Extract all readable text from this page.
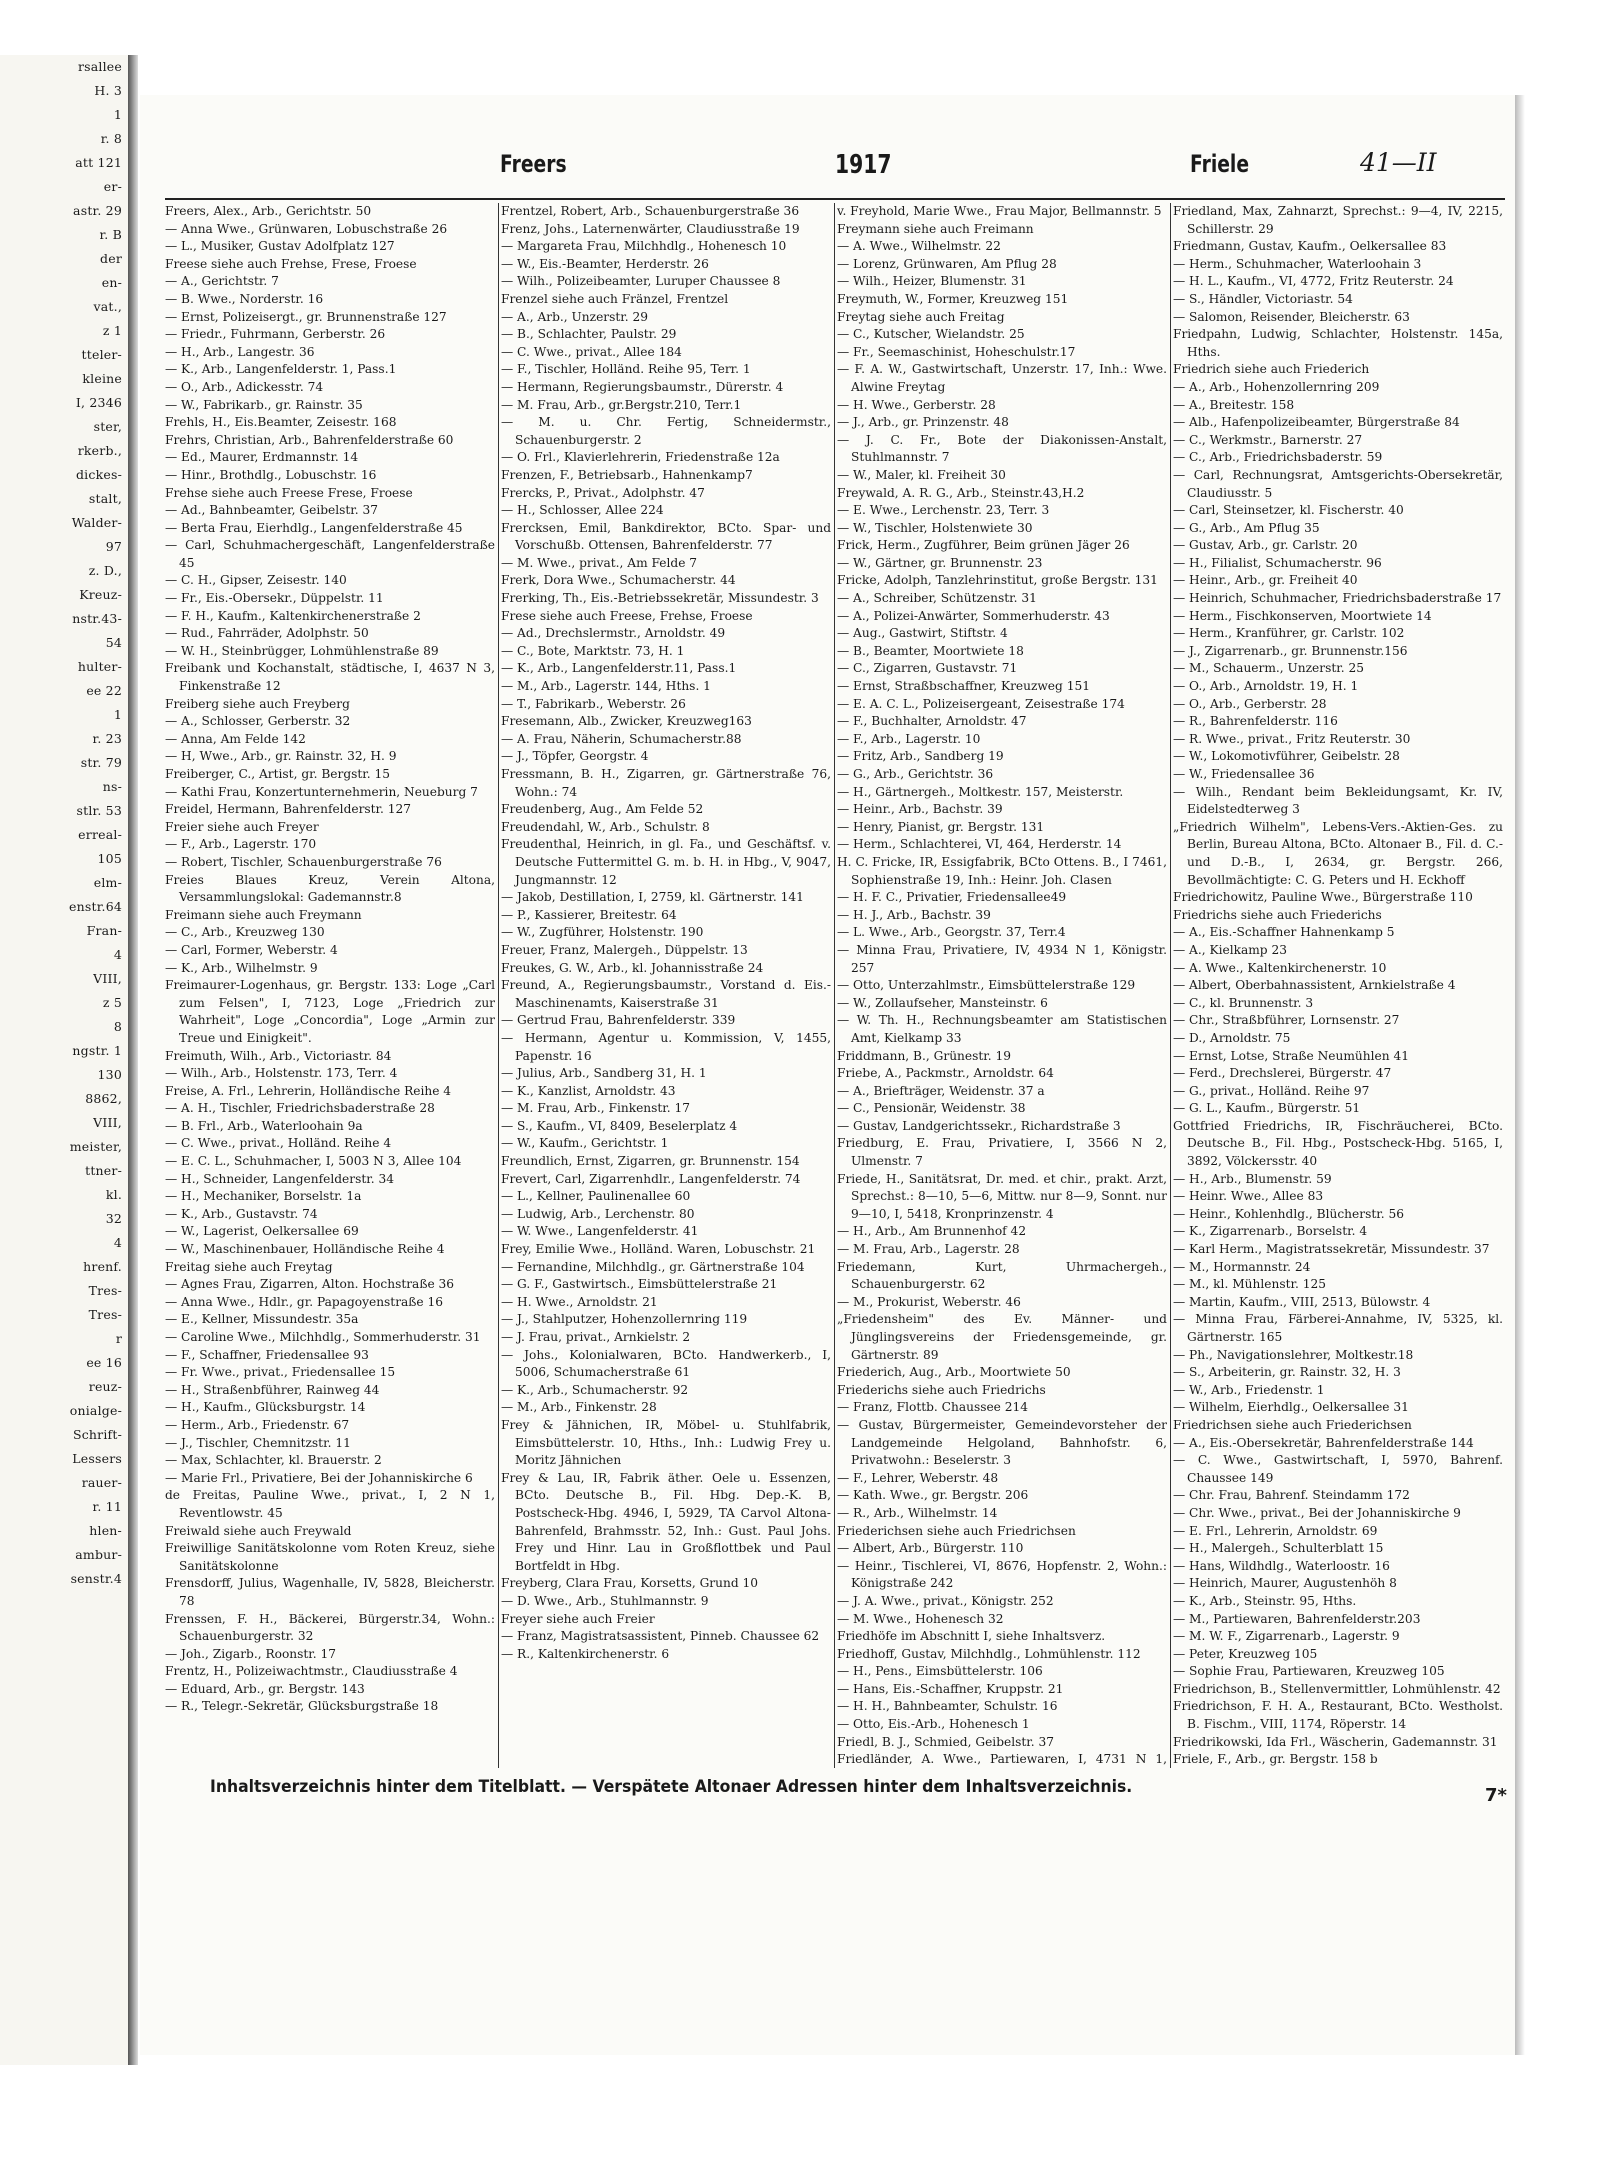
rsallee
H. 3
1
r. 8
att 121
er-
astr. 29
r. B
der
en-
vat.,
z 1
tteler-
kleine
I, 2346
ster,
rkerb.,
dickes-
stalt,
Walder-
97
z. D.,
Kreuz-
nstr.43-
54
hulter-
ee 22
1
r. 23
str. 79
ns-
stlr. 53
erreal-
105
elm-
enstr.64
Fran-
4
VIII,
z 5
8
ngstr. 1
130
8862,
VIII,
meister,
ttner-
kl.
32
4
hrenf.
Tres-
Tres-
r
ee 16
reuz-
onialge-
Schrift-
Lessers
rauer-
r. 11
hlen-
ambur-
senstr.4
Freers	1917	Friele	41—II
Freers, Alex., Arb., Gerichtstr. 50
— Anna Wwe., Grünwaren, Lobuschstraße 26
— L., Musiker, Gustav Adolfplatz 127
Freese siehe auch Frehse, Frese, Froese
— A., Gerichtstr. 7
— B. Wwe., Norderstr. 16
— Ernst, Polizeisergt., gr. Brunnenstraße 127
— Friedr., Fuhrmann, Gerberstr. 26
— H., Arb., Langestr. 36
— K., Arb., Langenfelderstr. 1, Pass.1
— O., Arb., Adickesstr. 74
— W., Fabrikarb., gr. Rainstr. 35
Frehls, H., Eis.Beamter, Zeisestr. 168
Frehrs, Christian, Arb., Bahrenfelderstraße 60
— Ed., Maurer, Erdmannstr. 14
— Hinr., Brothdlg., Lobuschstr. 16
Frehse siehe auch Freese Frese, Froese
— Ad., Bahnbeamter, Geibelstr. 37
— Berta Frau, Eierhdlg., Langenfelderstraße 45
— Carl, Schuhmachergeschäft, Langenfelderstraße 45
— C. H., Gipser, Zeisestr. 140
— Fr., Eis.-Obersekr., Düppelstr. 11
— F. H., Kaufm., Kaltenkirchenerstraße 2
— Rud., Fahrräder, Adolphstr. 50
— W. H., Steinbrügger, Lohmühlenstraße 89
Freibank und Kochanstalt, städtische, I, 4637 N 3, Finkenstraße 12
Freiberg siehe auch Freyberg
— A., Schlosser, Gerberstr. 32
— Anna, Am Felde 142
— H, Wwe., Arb., gr. Rainstr. 32, H. 9
Freiberger, C., Artist, gr. Bergstr. 15
— Kathi Frau, Konzertunternehmerin, Neueburg 7
Freidel, Hermann, Bahrenfelderstr. 127
Freier siehe auch Freyer
— F., Arb., Lagerstr. 170
— Robert, Tischler, Schauenburgerstraße 76
Freies Blaues Kreuz, Verein Altona, Versammlungslokal: Gademannstr.8
Freimann siehe auch Freymann
— C., Arb., Kreuzweg 130
— Carl, Former, Weberstr. 4
— K., Arb., Wilhelmstr. 9
Freimaurer-Logenhaus, gr. Bergstr. 133: Loge „Carl zum Felsen", I, 7123, Loge „Friedrich zur Wahrheit", Loge „Concordia", Loge „Armin zur Treue und Einigkeit".
Freimuth, Wilh., Arb., Victoriastr. 84
— Wilh., Arb., Holstenstr. 173, Terr. 4
Freise, A. Frl., Lehrerin, Holländische Reihe 4
— A. H., Tischler, Friedrichsbaderstraße 28
— B. Frl., Arb., Waterloohain 9a
— C. Wwe., privat., Holländ. Reihe 4
— E. C. L., Schuhmacher, I, 5003 N 3, Allee 104
— H., Schneider, Langenfelderstr. 34
— H., Mechaniker, Borselstr. 1a
— K., Arb., Gustavstr. 74
— W., Lagerist, Oelkersallee 69
— W., Maschinenbauer, Holländische Reihe 4
Freitag siehe auch Freytag
— Agnes Frau, Zigarren, Alton. Hochstraße 36
— Anna Wwe., Hdlr., gr. Papagoyenstraße 16
— E., Kellner, Missundestr. 35a
— Caroline Wwe., Milchhdlg., Sommerhuderstr. 31
— F., Schaffner, Friedensallee 93
— Fr. Wwe., privat., Friedensallee 15
— H., Straßenbführer, Rainweg 44
— H., Kaufm., Glücksburgstr. 14
— Herm., Arb., Friedenstr. 67
— J., Tischler, Chemnitzstr. 11
— Max, Schlachter, kl. Brauerstr. 2
— Marie Frl., Privatiere, Bei der Johanniskirche 6
de Freitas, Pauline Wwe., privat., I, 2 N 1, Reventlowstr. 45
Freiwald siehe auch Freywald
Freiwillige Sanitätskolonne vom Roten Kreuz, siehe Sanitätskolonne
Frensdorff, Julius, Wagenhalle, IV, 5828, Bleicherstr. 78
Frenssen, F. H., Bäckerei, Bürgerstr.34, Wohn.: Schauenburgerstr. 32
— Joh., Zigarb., Roonstr. 17
Frentz, H., Polizeiwachtmstr., Claudiusstraße 4
— Eduard, Arb., gr. Bergstr. 143
— R., Telegr.-Sekretär, Glücksburgstraße 18
Frentzel, Robert, Arb., Schauenburgerstraße 36
Frenz, Johs., Laternenwärter, Claudiusstraße 19
— Margareta Frau, Milchhdlg., Hohenesch 10
— W., Eis.-Beamter, Herderstr. 26
— Wilh., Polizeibeamter, Luruper Chaussee 8
Frenzel siehe auch Fränzel, Frentzel
— A., Arb., Unzerstr. 29
— B., Schlachter, Paulstr. 29
— C. Wwe., privat., Allee 184
— F., Tischler, Holländ. Reihe 95, Terr. 1
— Hermann, Regierungsbaumstr., Dürerstr. 4
— M. Frau, Arb., gr.Bergstr.210, Terr.1
— M. u. Chr. Fertig, Schneidermstr., Schauenburgerstr. 2
— O. Frl., Klavierlehrerin, Friedenstraße 12a
Frenzen, F., Betriebsarb., Hahnenkamp7
Frercks, P., Privat., Adolphstr. 47
— H., Schlosser, Allee 224
Frercksen, Emil, Bankdirektor, BCto. Spar- und Vorschußb. Ottensen, Bahrenfelderstr. 77
— M. Wwe., privat., Am Felde 7
Frerk, Dora Wwe., Schumacherstr. 44
Frerking, Th., Eis.-Betriebssekretär, Missundestr. 3
Frese siehe auch Freese, Frehse, Froese
— Ad., Drechslermstr., Arnoldstr. 49
— C., Bote, Marktstr. 73, H. 1
— K., Arb., Langenfelderstr.11, Pass.1
— M., Arb., Lagerstr. 144, Hths. 1
— T., Fabrikarb., Weberstr. 26
Fresemann, Alb., Zwicker, Kreuzweg163
— A. Frau, Näherin, Schumacherstr.88
— J., Töpfer, Georgstr. 4
Fressmann, B. H., Zigarren, gr. Gärtnerstraße 76, Wohn.: 74
Freudenberg, Aug., Am Felde 52
Freudendahl, W., Arb., Schulstr. 8
Freudenthal, Heinrich, in gl. Fa., und Geschäftsf. v. Deutsche Futtermittel G. m. b. H. in Hbg., V, 9047, Jungmannstr. 12
— Jakob, Destillation, I, 2759, kl. Gärtnerstr. 141
— P., Kassierer, Breitestr. 64
— W., Zugführer, Holstenstr. 190
Freuer, Franz, Malergeh., Düppelstr. 13
Freukes, G. W., Arb., kl. Johannisstraße 24
Freund, A., Regierungsbaumstr., Vorstand d. Eis.-Maschinenamts, Kaiserstraße 31
— Gertrud Frau, Bahrenfelderstr. 339
— Hermann, Agentur u. Kommission, V, 1455, Papenstr. 16
— Julius, Arb., Sandberg 31, H. 1
— K., Kanzlist, Arnoldstr. 43
— M. Frau, Arb., Finkenstr. 17
— S., Kaufm., VI, 8409, Beselerplatz 4
— W., Kaufm., Gerichtstr. 1
Freundlich, Ernst, Zigarren, gr. Brunnenstr. 154
Frevert, Carl, Zigarrenhdlr., Langenfelderstr. 74
— L., Kellner, Paulinenallee 60
— Ludwig, Arb., Lerchenstr. 80
— W. Wwe., Langenfelderstr. 41
Frey, Emilie Wwe., Holländ. Waren, Lobuschstr. 21
— Fernandine, Milchhdlg., gr. Gärtnerstraße 104
— G. F., Gastwirtsch., Eimsbüttelerstraße 21
— H. Wwe., Arnoldstr. 21
— J., Stahlputzer, Hohenzollernring 119
— J. Frau, privat., Arnkielstr. 2
— Johs., Kolonialwaren, BCto. Handwerkerb., I, 5006, Schumacherstraße 61
— K., Arb., Schumacherstr. 92
— M., Arb., Finkenstr. 28
Frey & Jähnichen, IR, Möbel- u. Stuhlfabrik, Eimsbüttelerstr. 10, Hths., Inh.: Ludwig Frey u. Moritz Jähnichen
Frey & Lau, IR, Fabrik äther. Oele u. Essenzen, BCto. Deutsche B., Fil. Hbg. Dep.-K. B, Postscheck-Hbg. 4946, I, 5929, TA Carvol Altona-Bahrenfeld, Brahmsstr. 52, Inh.: Gust. Paul Johs. Frey und Hinr. Lau in Großflottbek und Paul Bortfeldt in Hbg.
Freyberg, Clara Frau, Korsetts, Grund 10
— D. Wwe., Arb., Stuhlmannstr. 9
Freyer siehe auch Freier
— Franz, Magistratsassistent, Pinneb. Chaussee 62
— R., Kaltenkirchenerstr. 6
v. Freyhold, Marie Wwe., Frau Major, Bellmannstr. 5
Freymann siehe auch Freimann
— A. Wwe., Wilhelmstr. 22
— Lorenz, Grünwaren, Am Pflug 28
— Wilh., Heizer, Blumenstr. 31
Freymuth, W., Former, Kreuzweg 151
Freytag siehe auch Freitag
— C., Kutscher, Wielandstr. 25
— Fr., Seemaschinist, Hoheschulstr.17
— F. A. W., Gastwirtschaft, Unzerstr. 17, Inh.: Wwe. Alwine Freytag
— H. Wwe., Gerberstr. 28
— J., Arb., gr. Prinzenstr. 48
— J. C. Fr., Bote der Diakonissen-Anstalt, Stuhlmannstr. 7
— W., Maler, kl. Freiheit 30
Freywald, A. R. G., Arb., Steinstr.43,H.2
— E. Wwe., Lerchenstr. 23, Terr. 3
— W., Tischler, Holstenwiete 30
Frick, Herm., Zugführer, Beim grünen Jäger 26
— W., Gärtner, gr. Brunnenstr. 23
Fricke, Adolph, Tanzlehrinstitut, große Bergstr. 131
— A., Schreiber, Schützenstr. 31
— A., Polizei-Anwärter, Sommerhuderstr. 43
— Aug., Gastwirt, Stiftstr. 4
— B., Beamter, Moortwiete 18
— C., Zigarren, Gustavstr. 71
— Ernst, Straßbschaffner, Kreuzweg 151
— E. A. C. L., Polizeisergeant, Zeisestraße 174
— F., Buchhalter, Arnoldstr. 47
— F., Arb., Lagerstr. 10
— Fritz, Arb., Sandberg 19
— G., Arb., Gerichtstr. 36
— H., Gärtnergeh., Moltkestr. 157, Meisterstr.
— Heinr., Arb., Bachstr. 39
— Henry, Pianist, gr. Bergstr. 131
— Herm., Schlachterei, VI, 464, Herderstr. 14
H. C. Fricke, IR, Essigfabrik, BCto Ottens. B., I 7461, Sophienstraße 19, Inh.: Heinr. Joh. Clasen
— H. F. C., Privatier, Friedensallee49
— H. J., Arb., Bachstr. 39
— L. Wwe., Arb., Georgstr. 37, Terr.4
— Minna Frau, Privatiere, IV, 4934 N 1, Königstr. 257
— Otto, Unterzahlmstr., Eimsbüttelerstraße 129
— W., Zollaufseher, Mansteinstr. 6
— W. Th. H., Rechnungsbeamter am Statistischen Amt, Kielkamp 33
Friddmann, B., Grünestr. 19
Friebe, A., Packmstr., Arnoldstr. 64
— A., Briefträger, Weidenstr. 37 a
— C., Pensionär, Weidenstr. 38
— Gustav, Landgerichtssekr., Richardstraße 3
Friedburg, E. Frau, Privatiere, I, 3566 N 2, Ulmenstr. 7
Friede, H., Sanitätsrat, Dr. med. et chir., prakt. Arzt, Sprechst.: 8—10, 5—6, Mittw. nur 8—9, Sonnt. nur 9—10, I, 5418, Kronprinzenstr. 4
— H., Arb., Am Brunnenhof 42
— M. Frau, Arb., Lagerstr. 28
Friedemann, Kurt, Uhrmachergeh., Schauenburgerstr. 62
— M., Prokurist, Weberstr. 46
„Friedensheim" des Ev. Männer- und Jünglingsvereins der Friedensgemeinde, gr. Gärtnerstr. 89
Friederich, Aug., Arb., Moortwiete 50
Friederichs siehe auch Friedrichs
— Franz, Flottb. Chaussee 214
— Gustav, Bürgermeister, Gemeindevorsteher der Landgemeinde Helgoland, Bahnhofstr. 6, Privatwohn.: Beselerstr. 3
— F., Lehrer, Weberstr. 48
— Kath. Wwe., gr. Bergstr. 206
— R., Arb., Wilhelmstr. 14
Friederichsen siehe auch Friedrichsen
— Albert, Arb., Bürgerstr. 110
— Heinr., Tischlerei, VI, 8676, Hopfenstr. 2, Wohn.: Königstraße 242
— J. A. Wwe., privat., Königstr. 252
— M. Wwe., Hohenesch 32
Friedhöfe im Abschnitt I, siehe Inhaltsverz.
Friedhoff, Gustav, Milchhdlg., Lohmühlenstr. 112
— H., Pens., Eimsbüttelerstr. 106
— Hans, Eis.-Schaffner, Kruppstr. 21
— H. H., Bahnbeamter, Schulstr. 16
— Otto, Eis.-Arb., Hohenesch 1
Friedl, B. J., Schmied, Geibelstr. 37
Friedländer, A. Wwe., Partiewaren, I, 4731 N 1,
Friedland, Max, Zahnarzt, Sprechst.: 9—4, IV, 2215, Schillerstr. 29
Friedmann, Gustav, Kaufm., Oelkersallee 83
— Herm., Schuhmacher, Waterloohain 3
— H. L., Kaufm., VI, 4772, Fritz Reuterstr. 24
— S., Händler, Victoriastr. 54
— Salomon, Reisender, Bleicherstr. 63
Friedpahn, Ludwig, Schlachter, Holstenstr. 145a, Hths.
Friedrich siehe auch Friederich
— A., Arb., Hohenzollernring 209
— A., Breitestr. 158
— Alb., Hafenpolizeibeamter, Bürgerstraße 84
— C., Werkmstr., Barnerstr. 27
— C., Arb., Friedrichsbaderstr. 59
— Carl, Rechnungsrat, Amtsgerichts-Obersekretär, Claudiusstr. 5
— Carl, Steinsetzer, kl. Fischerstr. 40
— G., Arb., Am Pflug 35
— Gustav, Arb., gr. Carlstr. 20
— H., Filialist, Schumacherstr. 96
— Heinr., Arb., gr. Freiheit 40
— Heinrich, Schuhmacher, Friedrichsbaderstraße 17
— Herm., Fischkonserven, Moortwiete 14
— Herm., Kranführer, gr. Carlstr. 102
— J., Zigarrenarb., gr. Brunnenstr.156
— M., Schauerm., Unzerstr. 25
— O., Arb., Arnoldstr. 19, H. 1
— O., Arb., Gerberstr. 28
— R., Bahrenfelderstr. 116
— R. Wwe., privat., Fritz Reuterstr. 30
— W., Lokomotivführer, Geibelstr. 28
— W., Friedensallee 36
— Wilh., Rendant beim Bekleidungsamt, Kr. IV, Eidelstedterweg 3
„Friedrich Wilhelm", Lebens-Vers.-Aktien-Ges. zu Berlin, Bureau Altona, BCto. Altonaer B., Fil. d. C.- und D.-B., I, 2634, gr. Bergstr. 266, Bevollmächtigte: C. G. Peters und H. Eckhoff
Friedrichowitz, Pauline Wwe., Bürgerstraße 110
Friedrichs siehe auch Friederichs
— A., Eis.-Schaffner Hahnenkamp 5
— A., Kielkamp 23
— A. Wwe., Kaltenkirchenerstr. 10
— Albert, Oberbahnassistent, Arnkielstraße 4
— C., kl. Brunnenstr. 3
— Chr., Straßbführer, Lornsenstr. 27
— D., Arnoldstr. 75
— Ernst, Lotse, Straße Neumühlen 41
— Ferd., Drechslerei, Bürgerstr. 47
— G., privat., Holländ. Reihe 97
— G. L., Kaufm., Bürgerstr. 51
Gottfried Friedrichs, IR, Fischräucherei, BCto. Deutsche B., Fil. Hbg., Postscheck-Hbg. 5165, I, 3892, Völckersstr. 40
— H., Arb., Blumenstr. 59
— Heinr. Wwe., Allee 83
— Heinr., Kohlenhdlg., Blücherstr. 56
— K., Zigarrenarb., Borselstr. 4
— Karl Herm., Magistratssekretär, Missundestr. 37
— M., Hormannstr. 24
— M., kl. Mühlenstr. 125
— Martin, Kaufm., VIII, 2513, Bülowstr. 4
— Minna Frau, Färberei-Annahme, IV, 5325, kl. Gärtnerstr. 165
— Ph., Navigationslehrer, Moltkestr.18
— S., Arbeiterin, gr. Rainstr. 32, H. 3
— W., Arb., Friedenstr. 1
— Wilhelm, Eierhdlg., Oelkersallee 31
Friedrichsen siehe auch Friederichsen
— A., Eis.-Obersekretär, Bahrenfelderstraße 144
— C. Wwe., Gastwirtschaft, I, 5970, Bahrenf. Chaussee 149
— Chr. Frau, Bahrenf. Steindamm 172
— Chr. Wwe., privat., Bei der Johanniskirche 9
— E. Frl., Lehrerin, Arnoldstr. 69
— H., Malergeh., Schulterblatt 15
— Hans, Wildhdlg., Waterloostr. 16
— Heinrich, Maurer, Augustenhöh 8
— K., Arb., Steinstr. 95, Hths.
— M., Partiewaren, Bahrenfelderstr.203
— M. W. F., Zigarrenarb., Lagerstr. 9
— Peter, Kreuzweg 105
— Sophie Frau, Partiewaren, Kreuzweg 105
Friedrichson, B., Stellenvermittler, Lohmühlenstr. 42
Friedrichson, F. H. A., Restaurant, BCto. Westholst. B. Fischm., VIII, 1174, Röperstr. 14
Friedrikowski, Ida Frl., Wäscherin, Gademannstr. 31
Friele, F., Arb., gr. Bergstr. 158 b
Inhaltsverzeichnis hinter dem Titelblatt. — Verspätete Altonaer Adressen hinter dem Inhaltsverzeichnis.	7*
